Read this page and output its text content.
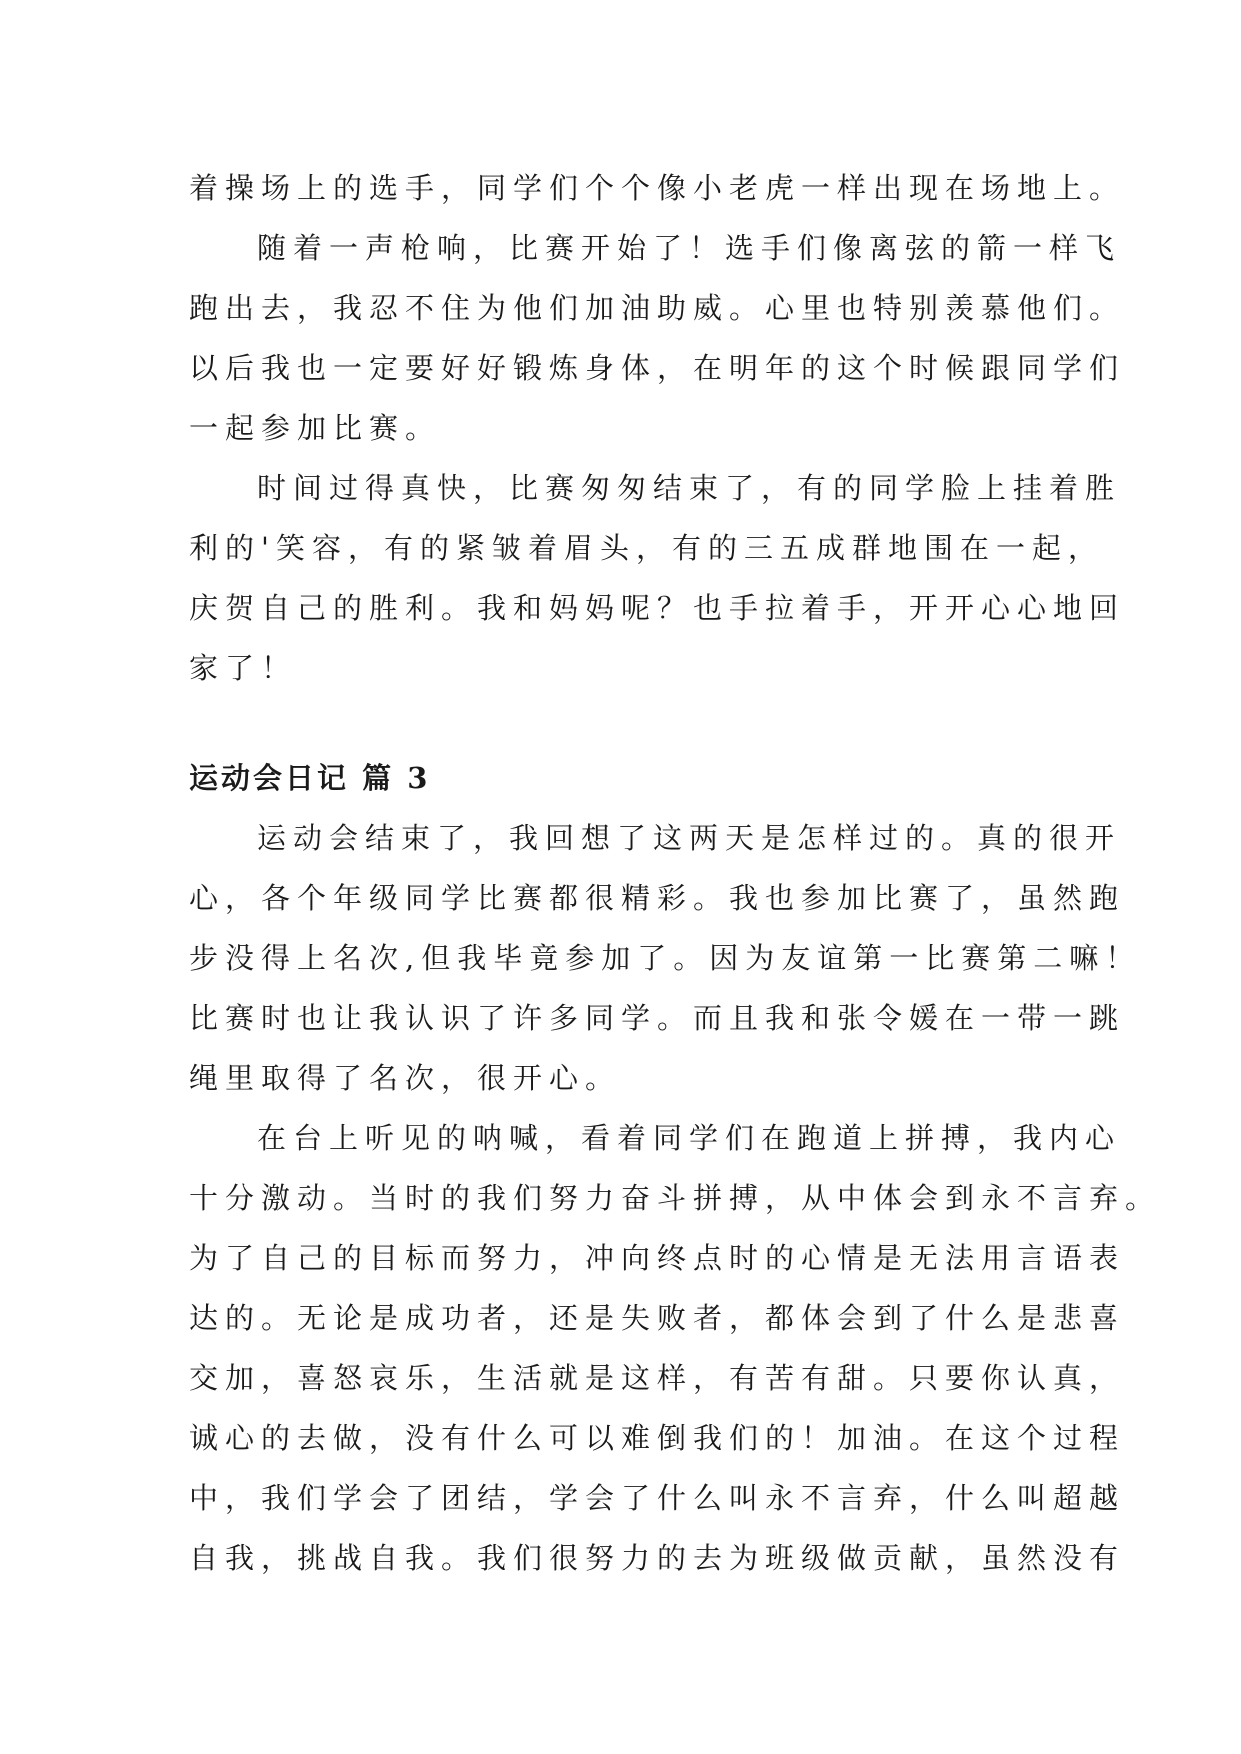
着操场上的选手，同学们个个像小老虎一样出现在场地上。

随着一声枪响，比赛开始了！选手们像离弦的箭一样飞

跑出去，我忍不住为他们加油助威。心里也特别羡慕他们。

以后我也一定要好好锻炼身体，在明年的这个时候跟同学们

一起参加比赛。

时间过得真快，比赛匆匆结束了，有的同学脸上挂着胜

利的'笑容，有的紧皱着眉头，有的三五成群地围在一起，

庆贺自己的胜利。我和妈妈呢？也手拉着手，开开心心地回

家了！

运动会日记 篇 3

运动会结束了，我回想了这两天是怎样过的。真的很开

心，各个年级同学比赛都很精彩。我也参加比赛了，虽然跑

步没得上名次,但我毕竟参加了。因为友谊第一比赛第二嘛！

比赛时也让我认识了许多同学。而且我和张令媛在一带一跳

绳里取得了名次，很开心。

在台上听见的呐喊，看着同学们在跑道上拼搏，我内心

十分激动。当时的我们努力奋斗拼搏，从中体会到永不言弃。

为了自己的目标而努力，冲向终点时的心情是无法用言语表

达的。无论是成功者，还是失败者，都体会到了什么是悲喜

交加，喜怒哀乐，生活就是这样，有苦有甜。只要你认真，

诚心的去做，没有什么可以难倒我们的！加油。在这个过程

中，我们学会了团结，学会了什么叫永不言弃，什么叫超越

自我，挑战自我。我们很努力的去为班级做贡献，虽然没有
